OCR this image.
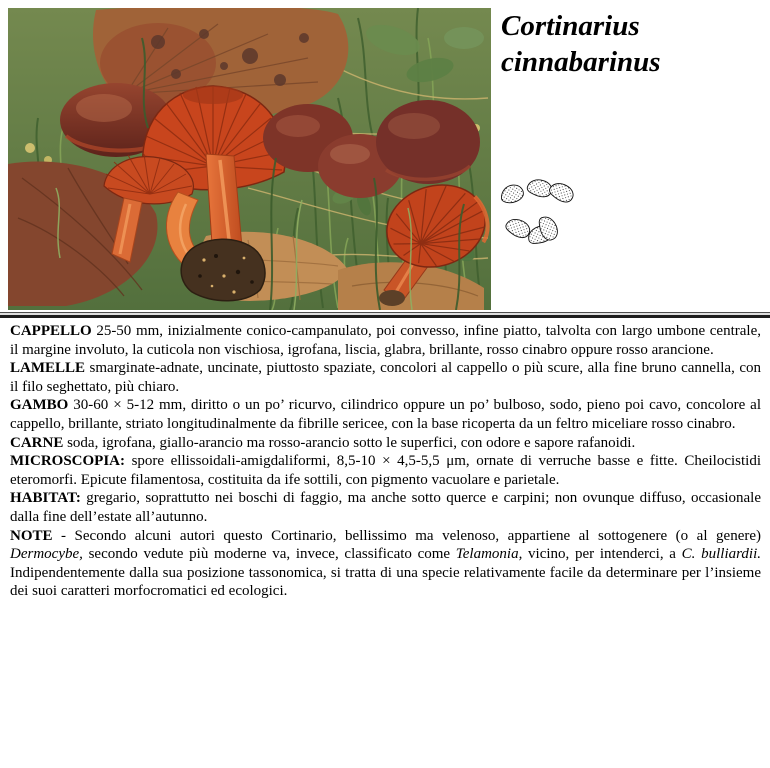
Cortinarius
cinnabarinus

CAPPELLO 25-50 mm, inizialmente conico-campanulato, poi convesso, infine piatto, talvolta con largo umbone centrale, il margine involuto, la cuticola non vischiosa, igrofana, liscia, glabra, brillante, rosso cinabro oppure rosso arancione.

LAMELLE smarginate-adnate, uncinate, piuttosto spaziate, concolori al cappello o più scure, alla fine bruno cannella, con il filo seghettato, più chiaro.

GAMBO 30-60 × 5-12 mm, diritto o un po’ ricurvo, cilindrico oppure un po’ bulboso, sodo, pieno poi cavo, concolore al cappello, brillante, striato longitudinalmente da fibrille sericee, con la base ricoperta da un feltro miceliare rosso cinabro.

CARNE soda, igrofana, giallo-arancio ma rosso-arancio sotto le superfici, con odore e sapore rafanoidi.

MICROSCOPIA: spore ellissoidali-amigdaliformi, 8,5-10 × 4,5-5,5 μm, ornate di verruche basse e fitte. Cheilocistidi eteromorfi. Epicute filamentosa, costituita da ife sottili, con pigmento vacuolare e parietale.

HABITAT: gregario, soprattutto nei boschi di faggio, ma anche sotto querce e carpini; non ovunque diffuso, occasionale dalla fine dell’estate all’autunno.

NOTE - Secondo alcuni autori questo Cortinario, bellissimo ma velenoso, appartiene al sottogenere (o al genere) Dermocybe, secondo vedute più moderne va, invece, classificato come Telamonia, vicino, per intenderci, a C. bulliardii. Indipendentemente dalla sua posizione tassonomica, si tratta di una specie relativamente facile da determinare per l’insieme dei suoi caratteri morfocromatici ed ecologici.
